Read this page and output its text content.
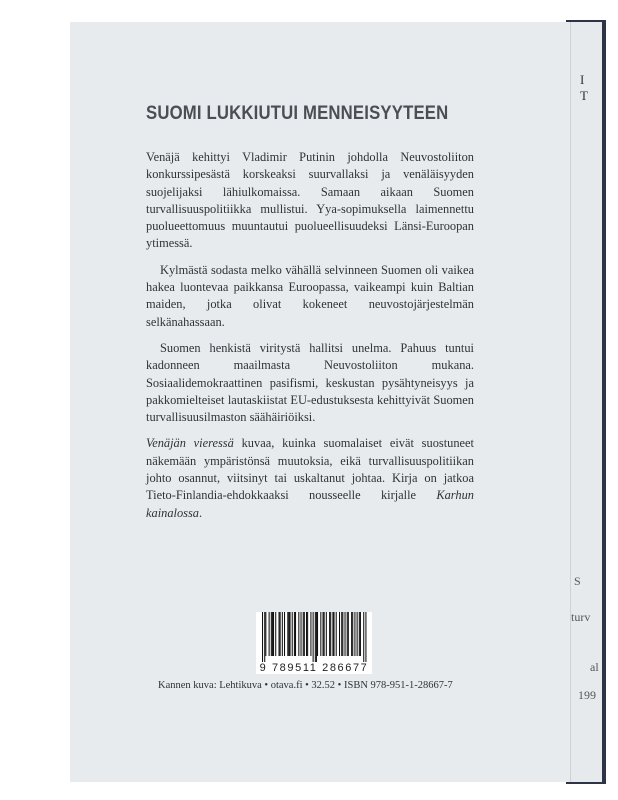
I
T
S
turv
al
199
SUOMI LUKKIUTUI MENNEISYYTEEN

Venäjä kehittyi Vladimir Putinin johdolla Neuvostoliiton konkurssipesästä korskeaksi suurvallaksi ja venäläisyyden suojelijaksi lähiulkomaissa. Samaan aikaan Suomen turvallisuuspolitiikka mullistui. Yya-sopimuksella laimennettu puolueettomuus muuntautui puolueellisuudeksi Länsi-Euroopan ytimessä.

Kylmästä sodasta melko vähällä selvinneen Suomen oli vaikea hakea luontevaa paikkansa Euroopassa, vaikeampi kuin Baltian maiden, jotka olivat kokeneet neuvostojärjestelmän selkänahassaan.

Suomen henkistä viritystä hallitsi unelma. Pahuus tuntui kadonneen maailmasta Neuvostoliiton mukana. Sosiaalidemokraattinen pasifismi, keskustan pysähtyneisyys ja pakkomielteiset lautaskiistat EU-edustuksesta kehittyivät Suomen turvallisuusilmaston säähäiriöiksi.

Venäjän vieressä kuvaa, kuinka suomalaiset eivät suostuneet näkemään ympäristönsä muutoksia, eikä turvallisuuspolitiikan johto osannut, viitsinyt tai uskaltanut johtaa. Kirja on jatkoa Tieto-Finlandia-ehdokkaaksi nousseelle kirjalle Karhun kainalossa.

9 789511 286677
Kannen kuva: Lehtikuva • otava.fi • 32.52 • ISBN 978-951-1-28667-7
